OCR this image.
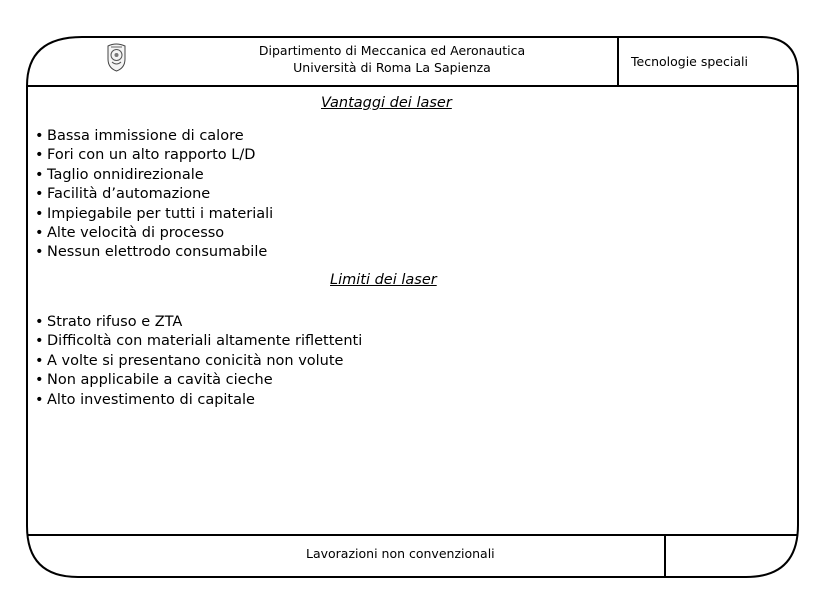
Dipartimento di Meccanica ed Aeronautica
Università di Roma La Sapienza	Tecnologie speciali
Vantaggi dei laser
• Bassa immissione di calore
• Fori con un alto rapporto L/D
• Taglio onnidirezionale
• Facilità d’automazione
• Impiegabile per tutti i materiali
• Alte velocità di processo
• Nessun elettrodo consumabile
Limiti dei laser
• Strato rifuso e ZTA
• Difficoltà con materiali altamente riflettenti
• A volte si presentano conicità non volute
• Non applicabile a cavità cieche
• Alto investimento di capitale
Lavorazioni non convenzionali
